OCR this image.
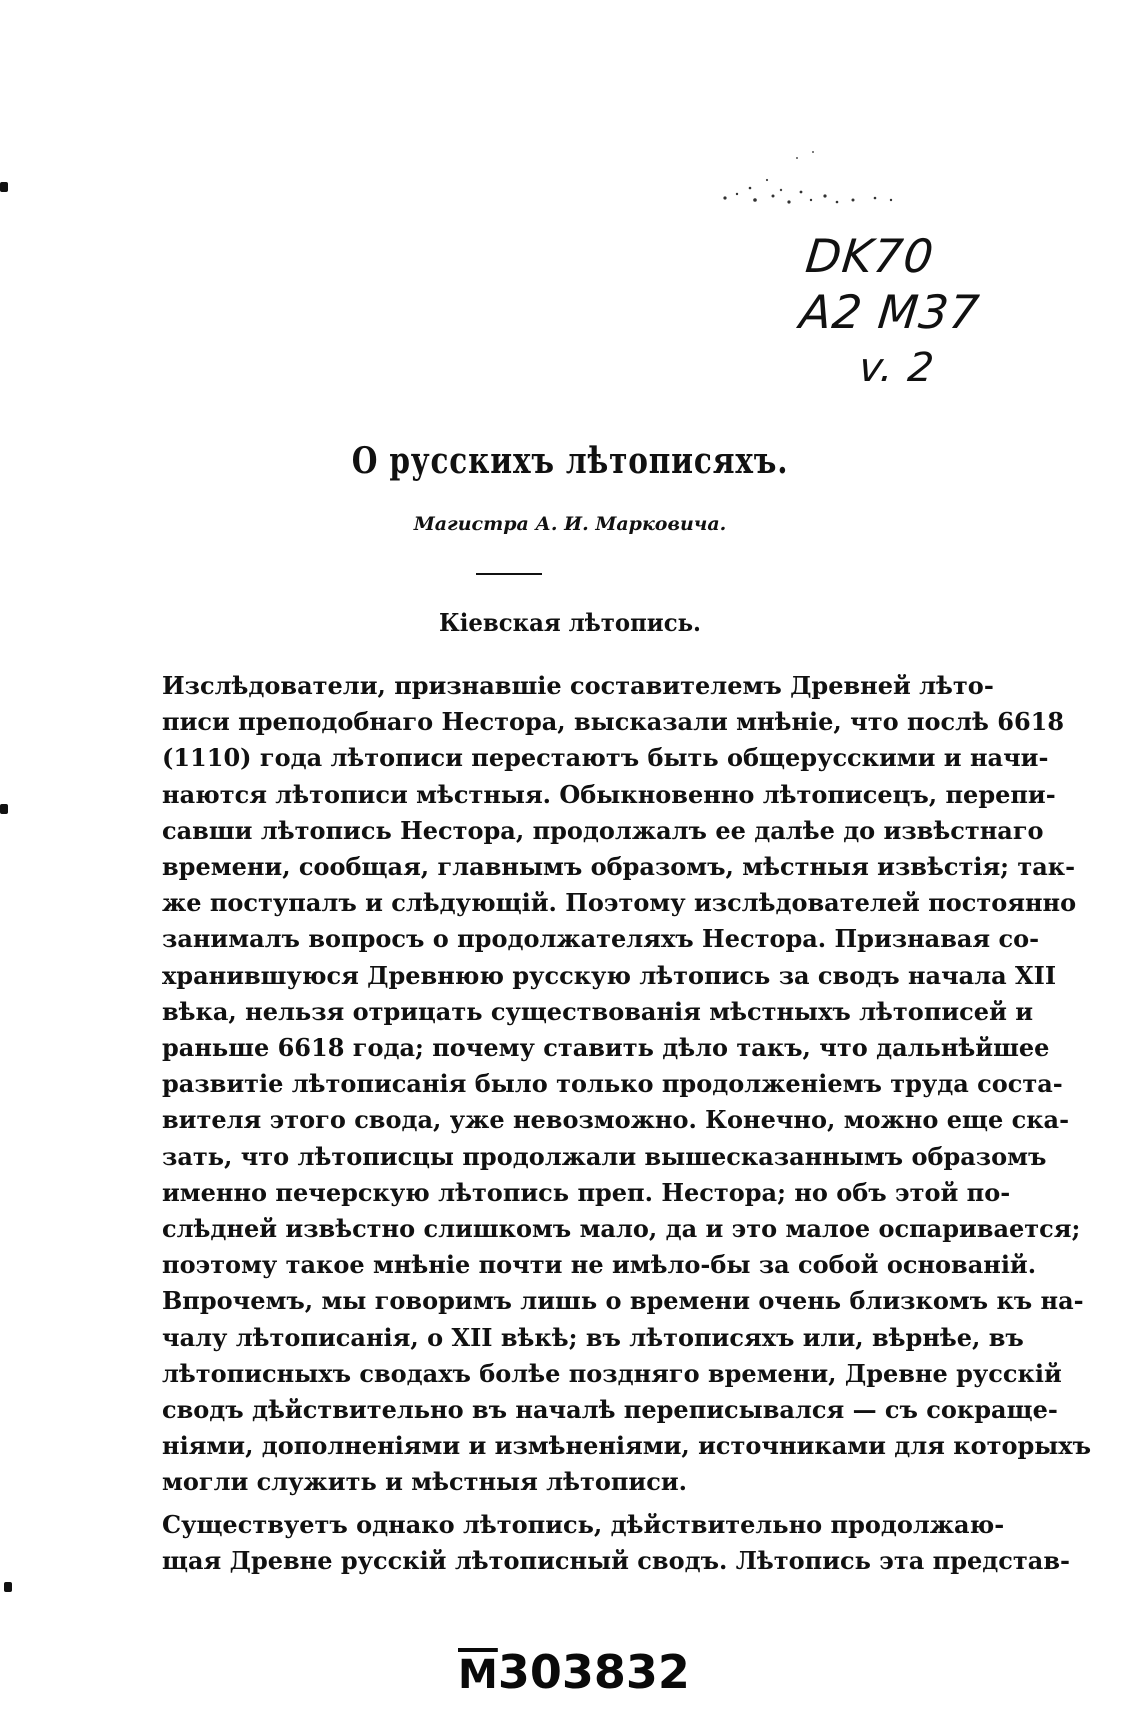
DK70
A2 M37
v. 2
О русскихъ лѣтописяхъ.
Магистра А. И. Марковича.
Кіевская лѣтопись.
Изслѣдователи, признавшіе составителемъ Древней лѣто-
писи преподобнаго Нестора, высказали мнѣніе, что послѣ 6618
(1110) года лѣтописи перестаютъ быть общерусскими и начи-
наются лѣтописи мѣстныя. Обыкновенно лѣтописецъ, перепи-
савши лѣтопись Нестора, продолжалъ ее далѣе до извѣстнаго
времени, сообщая, главнымъ образомъ, мѣстныя извѣстія; так-
же поступалъ и слѣдующій. Поэтому изслѣдователей постоянно
занималъ вопросъ о продолжателяхъ Нестора. Признавая со-
хранившуюся Древнюю русскую лѣтопись за сводъ начала XII
вѣка, нельзя отрицать существованія мѣстныхъ лѣтописей и
раньше 6618 года; почему ставить дѣло такъ, что дальнѣйшее
развитіе лѣтописанія было только продолженіемъ труда соста-
вителя этого свода, уже невозможно. Конечно, можно еще ска-
зать, что лѣтописцы продолжали вышесказаннымъ образомъ
именно печерскую лѣтопись преп. Нестора; но объ этой по-
слѣдней извѣстно слишкомъ мало, да и это малое оспаривается;
поэтому такое мнѣніе почти не имѣло-бы за собой основаній.
Впрочемъ, мы говоримъ лишь о времени очень близкомъ къ на-
чалу лѣтописанія, о XII вѣкѣ; въ лѣтописяхъ или, вѣрнѣе, въ
лѣтописныхъ сводахъ болѣе поздняго времени, Древне русскій
сводъ дѣйствительно въ началѣ переписывался — съ сокраще-
ніями, дополненіями и измѣненіями, источниками для которыхъ
могли служить и мѣстныя лѣтописи.
Существуетъ однако лѣтопись, дѣйствительно продолжаю-
щая Древне русскій лѣтописный сводъ. Лѣтопись эта представ-
$\overline{M}303832$
